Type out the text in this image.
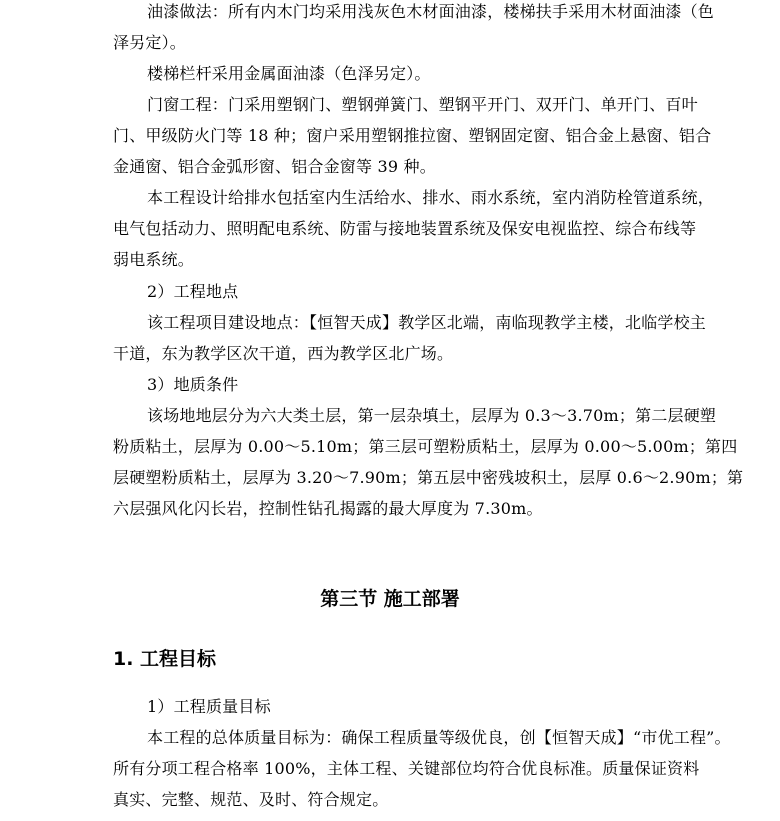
油漆做法：所有内木门均采用浅灰色木材面油漆，楼梯扶手采用木材面油漆（色
泽另定）。
楼梯栏杆采用金属面油漆（色泽另定）。
门窗工程：门采用塑钢门、塑钢弹簧门、塑钢平开门、双开门、单开门、百叶
门、甲级防火门等 18 种；窗户采用塑钢推拉窗、塑钢固定窗、铝合金上悬窗、铝合
金通窗、铝合金弧形窗、铝合金窗等 39 种。
本工程设计给排水包括室内生活给水、排水、雨水系统，室内消防栓管道系统，
电气包括动力、照明配电系统、防雷与接地装置系统及保安电视监控、综合布线等
弱电系统。
2）工程地点
该工程项目建设地点：【恒智天成】教学区北端，南临现教学主楼，北临学校主
干道，东为教学区次干道，西为教学区北广场。
3）地质条件
该场地地层分为六大类土层，第一层杂填土，层厚为 0.3～3.70m；第二层硬塑
粉质粘土，层厚为 0.00～5.10m；第三层可塑粉质粘土，层厚为 0.00～5.00m；第四
层硬塑粉质粘土，层厚为 3.20～7.90m；第五层中密残坡积土，层厚 0.6～2.90m；第
六层强风化闪长岩，控制性钻孔揭露的最大厚度为 7.30m。
第三节 施工部署
1. 工程目标
1）工程质量目标
本工程的总体质量目标为：确保工程质量等级优良，创【恒智天成】“市优工程”。
所有分项工程合格率 100%，主体工程、关键部位均符合优良标准。质量保证资料
真实、完整、规范、及时、符合规定。
